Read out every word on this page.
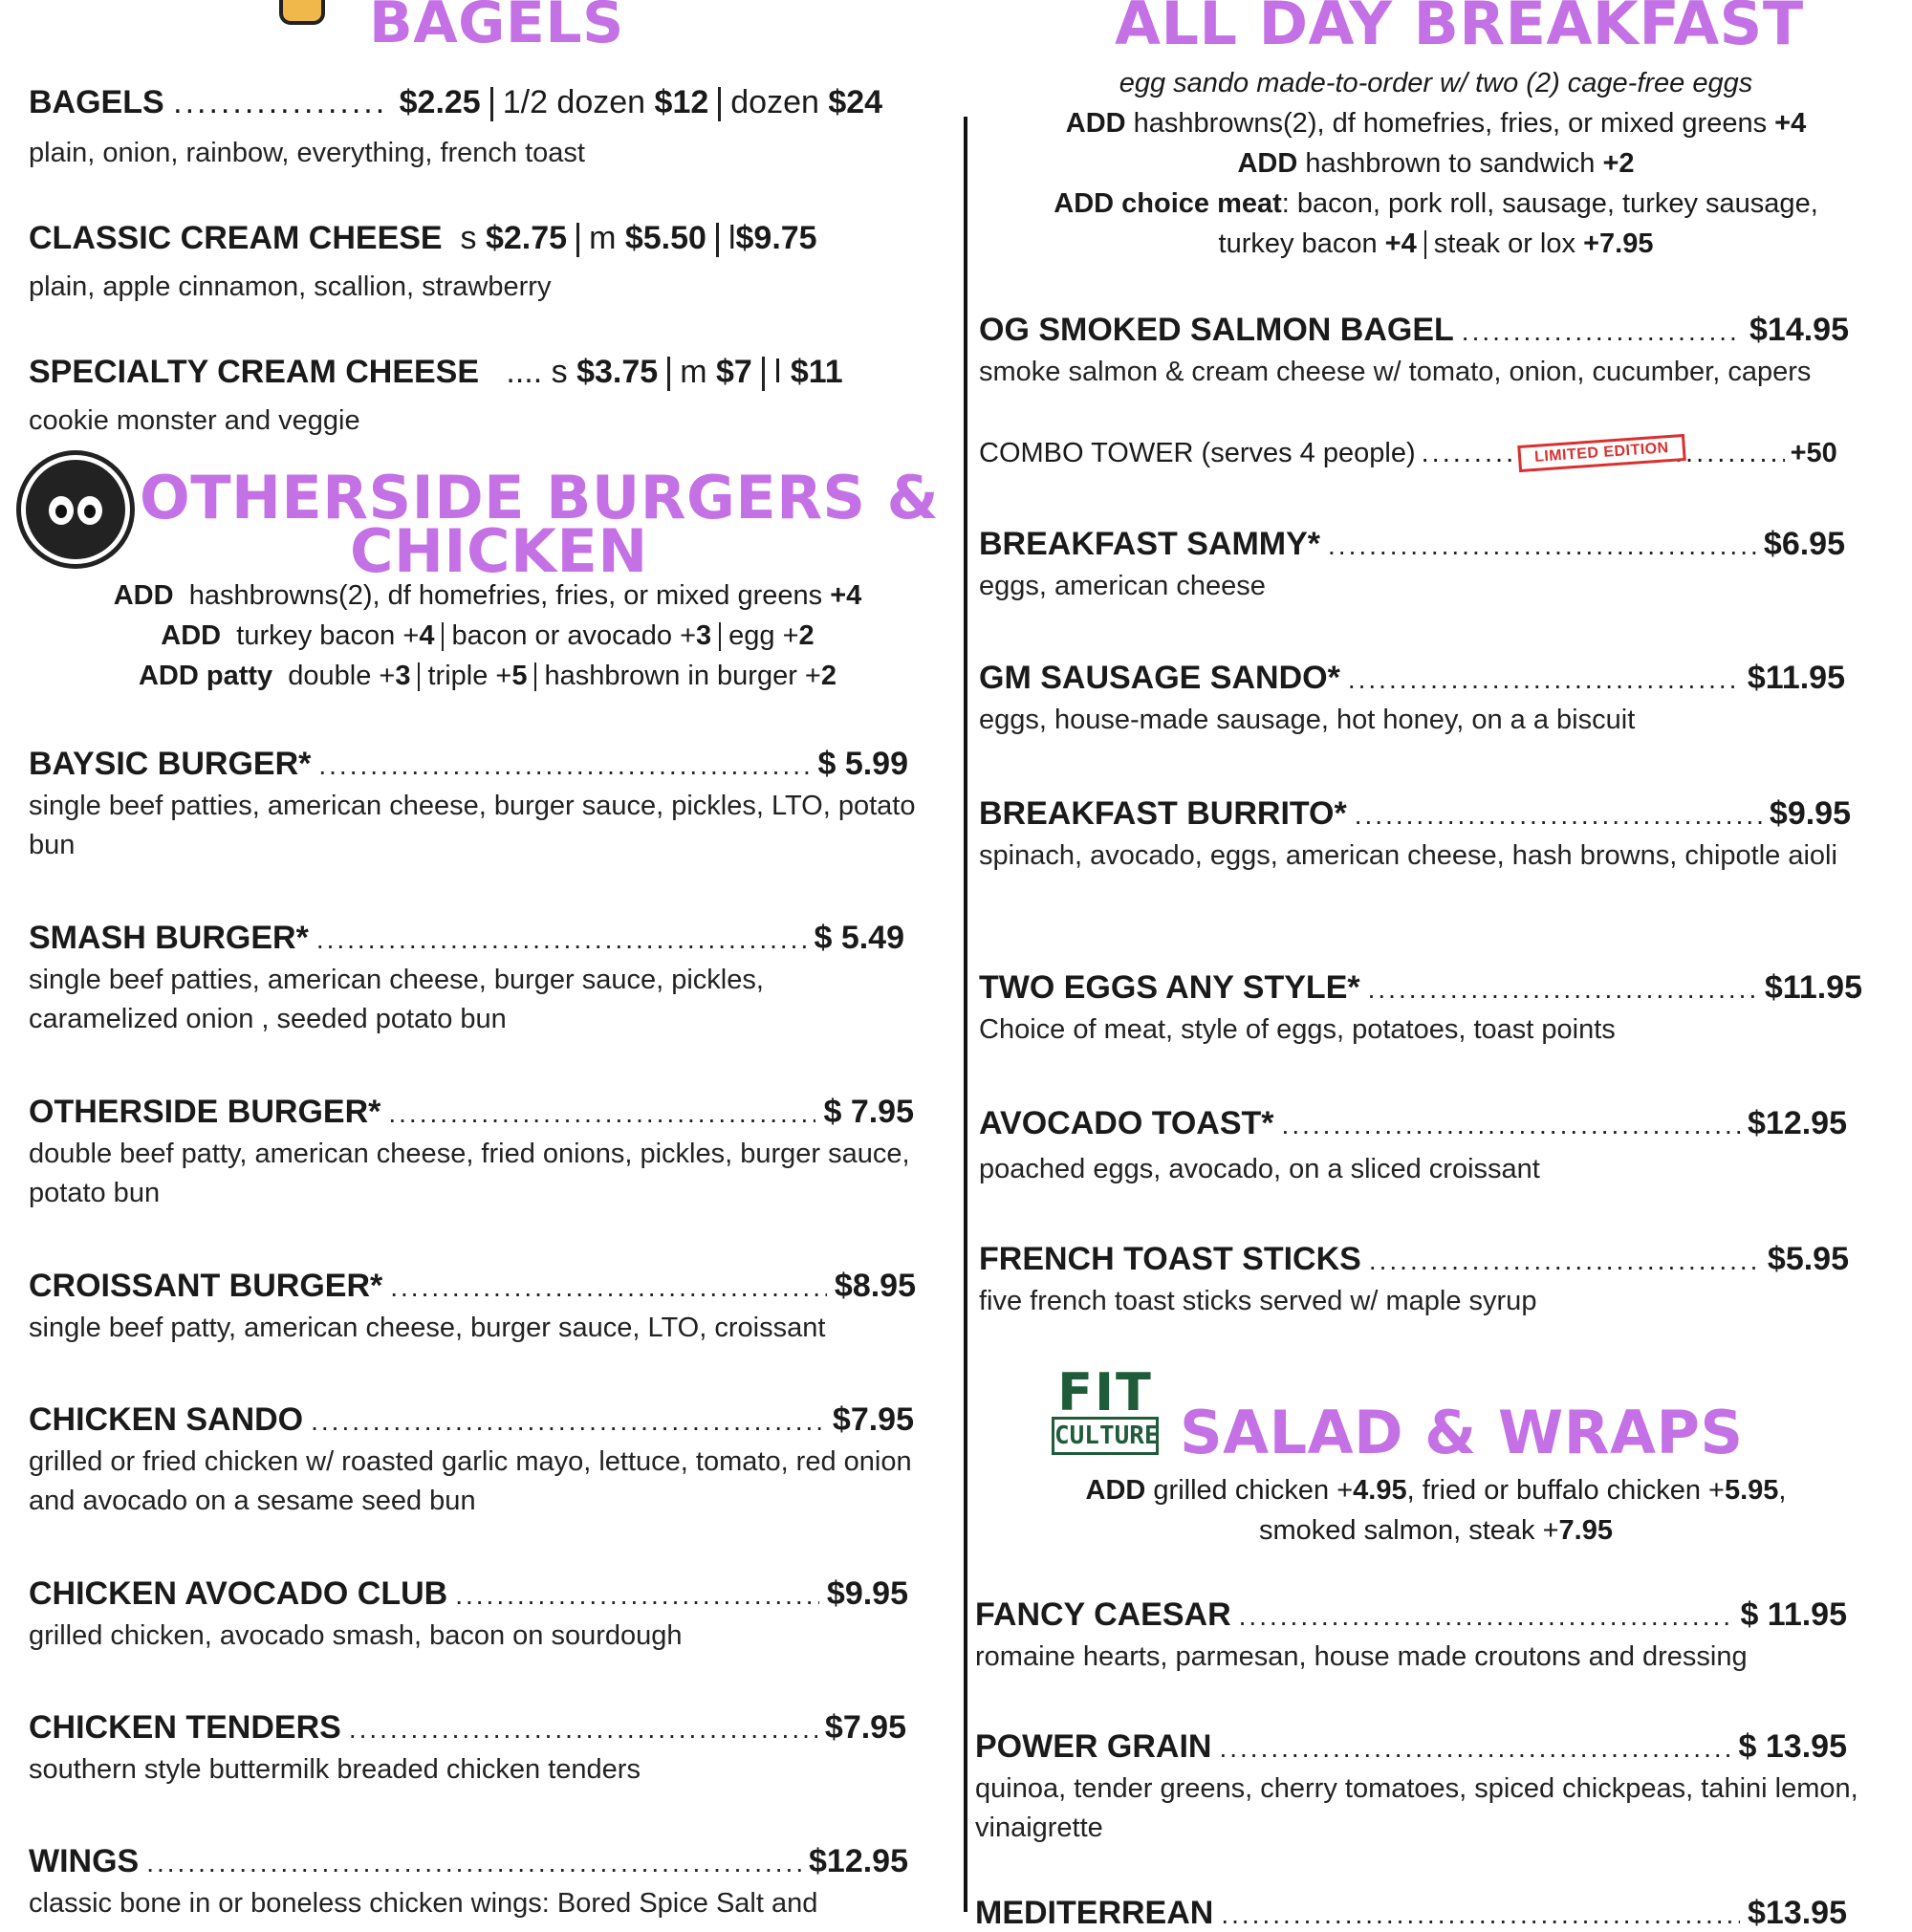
BAGELS
BAGELS .................. $2.25 1/2 dozen $12 dozen $24
plain, onion, rainbow, everything, french toast
CLASSIC CREAM CHEESE s $2.75 m $5.50 l$9.75
plain, apple cinnamon, scallion, strawberry
SPECIALTY CREAM CHEESE .... s $3.75 m $7 l $11
cookie monster and veggie
OTHERSIDE BURGERS &
CHICKEN
ADD hashbrowns(2), df homefries, fries, or mixed greens +4
ADD turkey bacon +4 bacon or avocado +3 egg +2
ADD patty double +3 triple +5 hashbrown in burger +2
BAYSIC BURGER* .....	$ 5.99
single beef patties, american cheese, burger sauce, pickles, LTO, potato bun
SMASH BURGER* .....	$ 5.49
single beef patties, american cheese, burger sauce, pickles, caramelized onion , seeded potato bun
OTHERSIDE BURGER* .....	$ 7.95
double beef patty, american cheese, fried onions, pickles, burger sauce, potato bun
CROISSANT BURGER* .....	$8.95
single beef patty, american cheese, burger sauce, LTO, croissant
CHICKEN SANDO .....	$7.95
grilled or fried chicken w/ roasted garlic mayo, lettuce, tomato, red onion and avocado on a sesame seed bun
CHICKEN AVOCADO CLUB .....	$9.95
grilled chicken, avocado smash, bacon on sourdough
CHICKEN TENDERS .....	$7.95
southern style buttermilk breaded chicken tenders
WINGS .....	$12.95
classic bone in or boneless chicken wings: Bored Spice Salt and
ALL DAY BREAKFAST
egg sando made-to-order w/ two (2) cage-free eggs
ADD hashbrowns(2), df homefries, fries, or mixed greens +4
ADD hashbrown to sandwich +2
ADD choice meat: bacon, pork roll, sausage, turkey sausage,
turkey bacon +4 steak or lox +7.95
OG SMOKED SALMON BAGEL .....	$14.95
smoke salmon & cream cheese w/ tomato, onion, cucumber, capers
COMBO TOWER (serves 4 people) .....	+50
LIMITED EDITION
BREAKFAST SAMMY* .....	$6.95
eggs, american cheese
GM SAUSAGE SANDO* .....	$11.95
eggs, house-made sausage, hot honey, on a a biscuit
BREAKFAST BURRITO* .....	$9.95
spinach, avocado, eggs, american cheese, hash browns, chipotle aioli
TWO EGGS ANY STYLE* .....	$11.95
Choice of meat, style of eggs, potatoes, toast points
AVOCADO TOAST* .....	$12.95
poached eggs, avocado, on a sliced croissant
FRENCH TOAST STICKS .....	$5.95
five french toast sticks served w/ maple syrup
FIT
CULTURE SALAD & WRAPS
ADD grilled chicken +4.95, fried or buffalo chicken +5.95,
smoked salmon, steak +7.95
FANCY CAESAR .....	$ 11.95
romaine hearts, parmesan, house made croutons and dressing
POWER GRAIN .....	$ 13.95
quinoa, tender greens, cherry tomatoes, spiced chickpeas, tahini lemon, vinaigrette
MEDITERREAN .....	$13.95
